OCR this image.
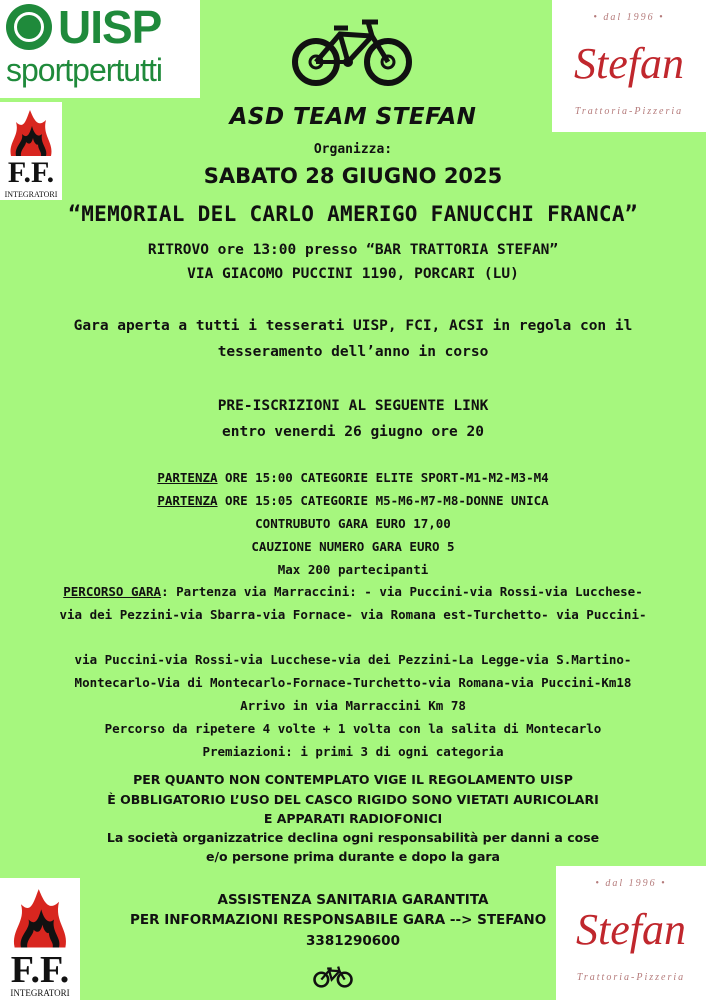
UISP
sportpertutti
• dal 1996 •
Stefan
Trattoria-Pizzeria
F.F.
INTEGRATORI
ASD TEAM STEFAN
Organizza:
SABATO 28 GIUGNO 2025
“MEMORIAL DEL CARLO AMERIGO FANUCCHI FRANCA”
RITROVO ore 13:00 presso “BAR TRATTORIA STEFAN”
VIA GIACOMO PUCCINI 1190, PORCARI (LU)
Gara aperta a tutti i tesserati UISP, FCI, ACSI in regola con il
tesseramento dell’anno in corso
PRE-ISCRIZIONI AL SEGUENTE LINK
entro venerdi 26 giugno ore 20
PARTENZA ORE 15:00 CATEGORIE ELITE SPORT-M1-M2-M3-M4
PARTENZA ORE 15:05 CATEGORIE M5-M6-M7-M8-DONNE UNICA
CONTRUBUTO GARA EURO 17,00
CAUZIONE NUMERO GARA EURO 5
Max 200 partecipanti
PERCORSO GARA: Partenza via Marraccini: - via Puccini-via Rossi-via Lucchese-
via dei Pezzini-via Sbarra-via Fornace- via Romana est-Turchetto- via Puccini-
via Puccini-via Rossi-via Lucchese-via dei Pezzini-La Legge-via S.Martino-
Montecarlo-Via di Montecarlo-Fornace-Turchetto-via Romana-via Puccini-Km18
Arrivo in via Marraccini Km 78
Percorso da ripetere 4 volte + 1 volta con la salita di Montecarlo
Premiazioni: i primi 3 di ogni categoria
PER QUANTO NON CONTEMPLATO VIGE IL REGOLAMENTO UISP
È OBBLIGATORIO L’USO DEL CASCO RIGIDO SONO VIETATI AURICOLARI
E APPARATI RADIOFONICI
La società organizzatrice declina ogni responsabilità per danni a cose
e/o persone prima durante e dopo la gara
ASSISTENZA SANITARIA GARANTITA
PER INFORMAZIONI RESPONSABILE GARA --> STEFANO
3381290600
F.F.
INTEGRATORI
• dal 1996 •
Stefan
Trattoria-Pizzeria
